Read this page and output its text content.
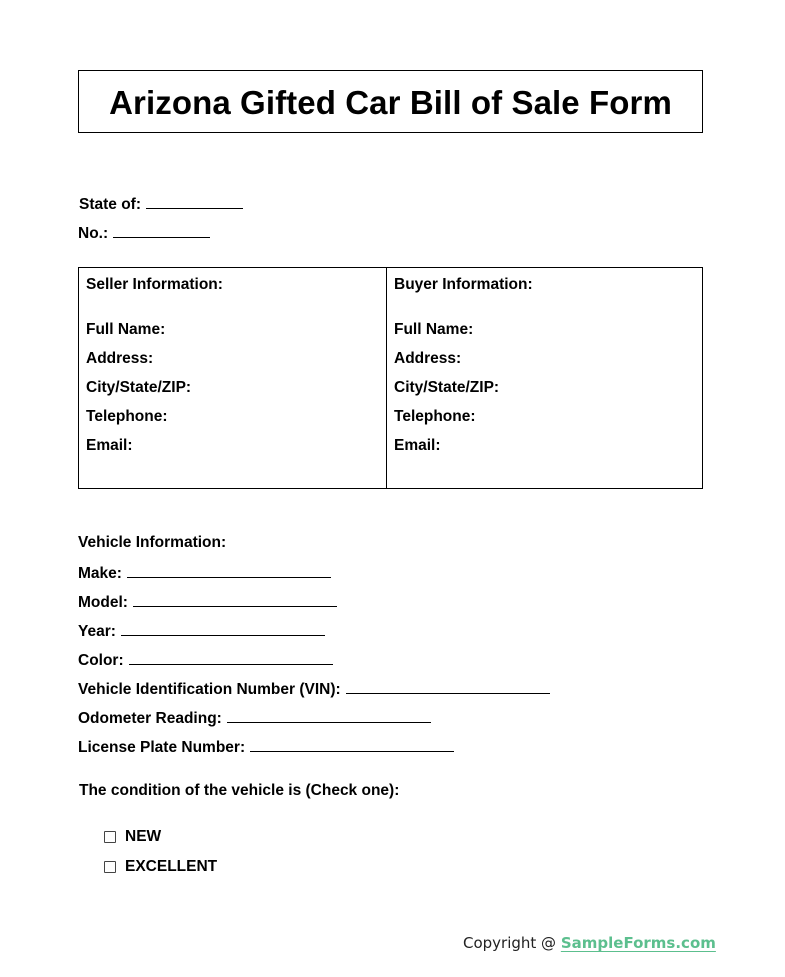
Arizona Gifted Car Bill of Sale Form
State of:
No.:
Seller Information:
Full Name:
Address:
City/State/ZIP:
Telephone:
Email:
Buyer Information:
Full Name:
Address:
City/State/ZIP:
Telephone:
Email:
Vehicle Information:
Make:
Model:
Year:
Color:
Vehicle Identification Number (VIN):
Odometer Reading:
License Plate Number:
The condition of the vehicle is (Check one):
NEW
EXCELLENT
Copyright @ SampleForms.com
